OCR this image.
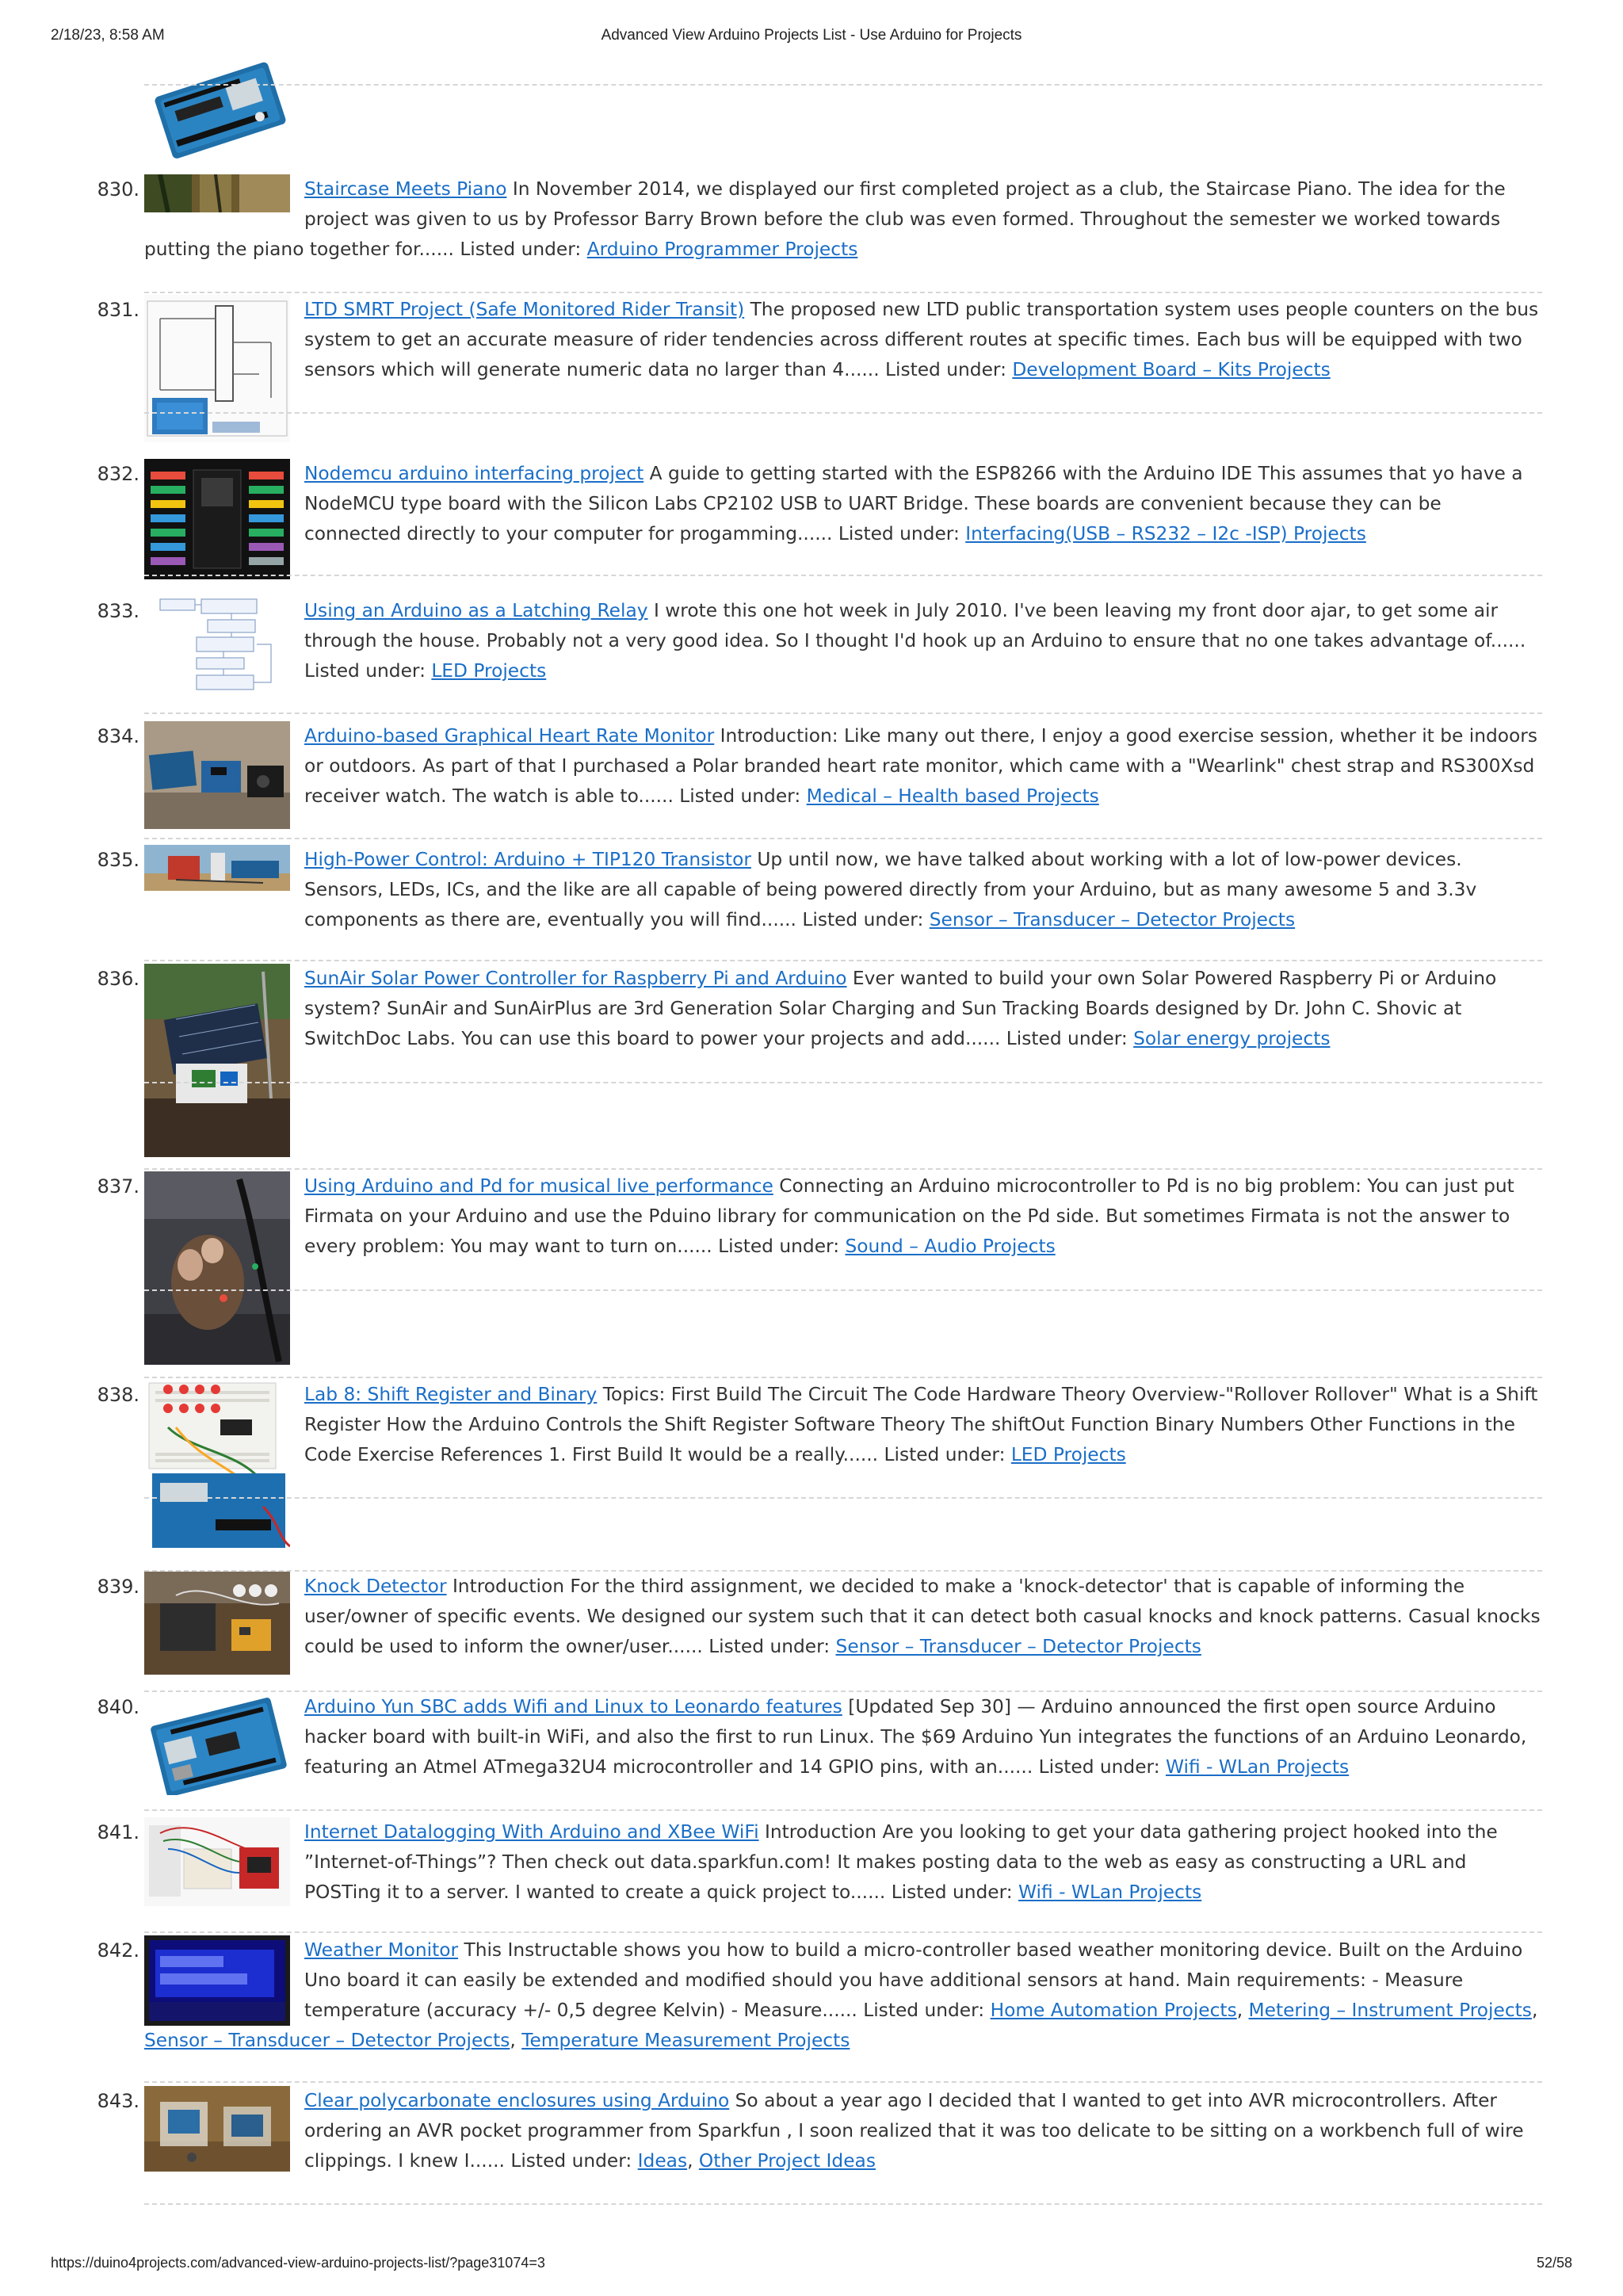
2/18/23, 8:58 AM	Advanced View Arduino Projects List - Use Arduino for Projects
830.	Staircase Meets Piano In November 2014, we displayed our first completed project as a club, the Staircase Piano. The idea for the project was given to us by Professor Barry Brown before the club was even formed. Throughout the semester we worked towards putting the piano together for...... Listed under: Arduino Programmer Projects
831.	LTD SMRT Project (Safe Monitored Rider Transit) The proposed new LTD public transportation system uses people counters on the bus system to get an accurate measure of rider tendencies across different routes at specific times. Each bus will be equipped with two sensors which will generate numeric data no larger than 4...... Listed under: Development Board – Kits Projects
832.	Nodemcu arduino interfacing project A guide to getting started with the ESP8266 with the Arduino IDE This assumes that yo have a NodeMCU type board with the Silicon Labs CP2102 USB to UART Bridge. These boards are convenient because they can be connected directly to your computer for progamming...... Listed under: Interfacing(USB – RS232 – I2c -ISP) Projects
833.	Using an Arduino as a Latching Relay I wrote this one hot week in July 2010. I've been leaving my front door ajar, to get some air through the house. Probably not a very good idea. So I thought I'd hook up an Arduino to ensure that no one takes advantage of...... Listed under: LED Projects
834.	Arduino-based Graphical Heart Rate Monitor Introduction: Like many out there, I enjoy a good exercise session, whether it be indoors or outdoors. As part of that I purchased a Polar branded heart rate monitor, which came with a "Wearlink" chest strap and RS300Xsd receiver watch. The watch is able to...... Listed under: Medical – Health based Projects
835.	High-Power Control: Arduino + TIP120 Transistor Up until now, we have talked about working with a lot of low-power devices. Sensors, LEDs, ICs, and the like are all capable of being powered directly from your Arduino, but as many awesome 5 and 3.3v components as there are, eventually you will find...... Listed under: Sensor – Transducer – Detector Projects
836.	SunAir Solar Power Controller for Raspberry Pi and Arduino Ever wanted to build your own Solar Powered Raspberry Pi or Arduino system? SunAir and SunAirPlus are 3rd Generation Solar Charging and Sun Tracking Boards designed by Dr. John C. Shovic at SwitchDoc Labs. You can use this board to power your projects and add...... Listed under: Solar energy projects
837.	Using Arduino and Pd for musical live performance Connecting an Arduino microcontroller to Pd is no big problem: You can just put Firmata on your Arduino and use the Pduino library for communication on the Pd side. But sometimes Firmata is not the answer to every problem: You may want to turn on...... Listed under: Sound – Audio Projects
838.	Lab 8: Shift Register and Binary Topics: First Build The Circuit The Code Hardware Theory Overview-"Rollover Rollover" What is a Shift Register How the Arduino Controls the Shift Register Software Theory The shiftOut Function Binary Numbers Other Functions in the Code Exercise References 1. First Build It would be a really...... Listed under: LED Projects
839.	Knock Detector Introduction For the third assignment, we decided to make a 'knock-detector' that is capable of informing the user/owner of specific events. We designed our system such that it can detect both casual knocks and knock patterns. Casual knocks could be used to inform the owner/user...... Listed under: Sensor – Transducer – Detector Projects
840.	Arduino Yun SBC adds Wifi and Linux to Leonardo features [Updated Sep 30] — Arduino announced the first open source Arduino hacker board with built-in WiFi, and also the first to run Linux. The $69 Arduino Yun integrates the functions of an Arduino Leonardo, featuring an Atmel ATmega32U4 microcontroller and 14 GPIO pins, with an...... Listed under: Wifi - WLan Projects
841.	Internet Datalogging With Arduino and XBee WiFi Introduction Are you looking to get your data gathering project hooked into the ”Internet-of-Things”? Then check out data.sparkfun.com! It makes posting data to the web as easy as constructing a URL and POSTing it to a server. I wanted to create a quick project to...... Listed under: Wifi - WLan Projects
842.	Weather Monitor This Instructable shows you how to build a micro-controller based weather monitoring device. Built on the Arduino Uno board it can easily be extended and modified should you have additional sensors at hand. Main requirements: - Measure temperature (accuracy +/- 0,5 degree Kelvin) - Measure...... Listed under: Home Automation Projects, Metering – Instrument Projects, Sensor – Transducer – Detector Projects, Temperature Measurement Projects
843.	Clear polycarbonate enclosures using Arduino So about a year ago I decided that I wanted to get into AVR microcontrollers. After ordering an AVR pocket programmer from Sparkfun , I soon realized that it was too delicate to be sitting on a workbench full of wire clippings. I knew I...... Listed under: Ideas, Other Project Ideas
https://duino4projects.com/advanced-view-arduino-projects-list/?page31074=3	52/58
